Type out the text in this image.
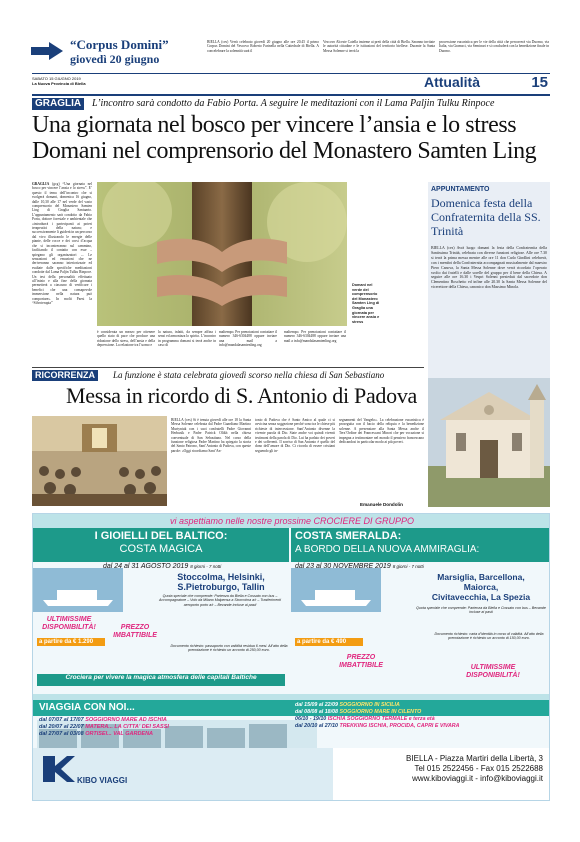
“Corpus Domini”
giovedì 20 giugno
BIELLA (ces) Verrà celebrato giovedì 20 giugno alle ore 20.45 il primo Corpus Domini del Vescovo Roberto Farinella nella Cattedrale di Biella. A concelebrare la solennità sarà il
Vescovo Alceste Catella insieme ai preti della città di Biella. Saranno invitate le autorità cittadine e le istituzioni del territorio biellese. Durante la Santa Messa Solenne si terrà la
processione eucaristica per le vie della città che percorrerà via Duomo, via Italia, via Gramsci, via Seminari e si concluderà con la benedizione finale in Duomo.
SABATO 15 GIUGNO 2019
La Nuova Provincia di Biella	Attualità	15
GRAGLIA	L’incontro sarà condotto da Fabio Porta. A seguire le meditazioni con il Lama Paljin Tulku Rinpoce
Una giornata nel bosco per vincere l’ansia e lo stress
Domani nel comprensorio del Monastero Samten Ling
GRAGLIA (gcg) “Una giornata nel bosco per vincere l’ansia e lo stress”. E’ questo il tema dell’incontro che si svolgerà domani, domenica 16 giugno, dalle 10,30 alle 17 nel verde del vasto comprensorio del Monastero Samten Ling di Graglia Santuario. L’appuntamento sarà condotto da Fabio Porta, dottore forestale e ambientale che «introdurrà i partecipanti ai poteri terapeutici della natura; e successivamente li guiderà in un percorso dal vivo illustrando le energie delle piante, delle rocce e dei corsi d’acqua che si incontreranno sul cammino, facilitando il contatto con esse – spiegano gli organizzatori –. Le sensazioni ed emozioni che ne deriveranno saranno interiorizzate ed esaltate dalle specifiche meditazioni condotte dal Lama Paljin Tulku Rinpoce. Un test della personalità effettuato all’inizio e alla fine della giornata permetterà a ciascuno di verificare i benefici che una consapevole immersione nella natura può comportare». In molti Paesi la “Silvoterapia”
Domani nel verde del comprensorio del Monastero Samten Ling di Graglia una giornata per vincere ansia e stress
è considerata un mezzo per ottenere quello stato di pace che produce una riduzione dello stress, dell’ansia e della depressione. La relazione tra l’uomo e
la natura, infatti, da sempre affina i sensi ed armonizza lo spirito. L’incontro in programma domani si terrà anche in caso di
maltempo. Per prenotazioni contattare il numero 346-6304488 oppure inviare una mail a info@mandalasamtenling.org
maltempo. Per prenotazioni contattare il numero 346-6304488 oppure inviare una mail a info@mandalasamtenling.org
APPUNTAMENTO
Domenica festa della Confraternita della SS. Trinità
BIELLA (ces) Avrà luogo domani la festa della Confraternita della Santissima Trinità, celebrata con diverse funzioni religiose. Alle ore 7.30 si terrà la prima messa mentre alle ore 11 don Carlo Gindlini celebrerà, con i membri della Confraternita accompagnati musicalmente dal maestro Piero Canova, la Santa Messa Solenne dove verrà ricordato l’operato svolto dai fratelli e dalle sorelle del gruppo per il bene della Chiesa. A seguire alle ore 16.30 i Vespri Solenni presieduti dal sacerdote don Clementino Boschetto ed infine alle 20.30 la Santa Messa Solenne del vicerettore della Chiesa, canonico don Massimo Minola.
RICORRENZA	La funzione è stata celebrata giovedì scorso nella chiesa di San Sebastiano
Messa in ricordo di S. Antonio di Padova
BIELLA (ces) Si è tenuta giovedì alle ore 18 la Santa Messa Solenne celebrata dal Padre Guardiano Martino Murtyniuk con i suoi confratelli Padre Giovanni Herhusik e Padre Patrick Olikh nella chiesa conventuale di San Sebastiano. Nel corso della funzione religiosa Padre Martino ha spiegato la storia del Santo Patrono, Sant’Antonio di Padova, con queste parole: «Oggi ricordiamo Sant’An-
tonio di Padova che è Santo Amico al quale ci si avvicina senza soggezione perché sono tra le chiese più richieste di intercessione. Sant’Antonio divenne la vivente parola di Dio. Siate anche voi quindi viventi testimoni della parola di Dio. Lui ha parlato dei poveri e dei sofferenti. Il sorriso di San Antonio è quello del dono dell’amore di Dio. Ci ricorda di essere cristiani seguendo gli in-
segnamenti del Vangelo». La celebrazione eucaristica è proseguita con il bacio della reliquia e la benedizione solenne. A presenziare alla Santa Messa anche il Terz’Ordine dei Francescani Minori che per vocazione si impegna a testimoniare nel mondo il pensiero francescano dedicandosi in particolar modo ai più poveri.
Emanuele Dondolin
vi aspettiamo nelle nostre prossime CROCIERE DI GRUPPO
I GIOIELLI DEL BALTICO:
COSTA MAGICA
dal 24 al 31 AGOSTO 2019 8 giorni - 7 notti
Stoccolma, Helsinki,
S.Pietroburgo, Tallin
Quota speciale che comprende: Partenza da Biella e Cossato con bus – Accompagnatore – Volo da Milano Malpensa a Stoccolma a/r – Trasferimenti aeroporto porto a/r – Bevande incluse ai pasti
Documento richiesto: passaporto con validità residua 6 mesi. All’atto della prenotazione è richiesto un acconto di 250,00 euro.
ULTIMISSIME DISPONIBILITÀ!	PREZZO IMBATTIBILE
a partire da € 1.290
Crociera per vivere la magica atmosfera delle capitali Baltiche
COSTA SMERALDA:
A BORDO DELLA NUOVA AMMIRAGLIA:
dal 23 al 30 NOVEMBRE 2019 8 giorni - 7 notti
Marsiglia, Barcellona,
Maiorca,
Civitavecchia, La Spezia
Quota speciale che comprende: Partenza da Biella e Cossato con bus – Bevande incluse ai pasti
Documento richiesto: carta d’identità in corso di validità. All’atto della prenotazione è richiesto un acconto di 150,00 euro.
a partire da € 490
PREZZO IMBATTIBILE	ULTIMISSIME DISPONIBILITÀ!
VIAGGIA CON NOI...
dal 07/07 al 17/07 SOGGIORNO MARE AD ISCHIA
dal 20/07 al 22/07 MATERA... LA CITTA' DEI SASSI
dal 27/07 al 03/08 ORTISEI... VAL GARDENA
dal 15/09 al 22/09 SOGGIORNO IN SICILIA
dal 08/08 al 18/08 SOGGIORNO MARE IN CILENTO
06/10 - 19/10 ISCHIA SOGGIORNO TERMALE e terza età
dal 20/10 al 27/10 TREKKING ISCHIA, PROCIDA, CAPRI E VIVARA
KIBO VIAGGI
BIELLA - Piazza Martiri della Libertà, 3
Tel 015 2522456 - Fax 015 2522688
www.kiboviaggi.it - info@kiboviaggi.it
